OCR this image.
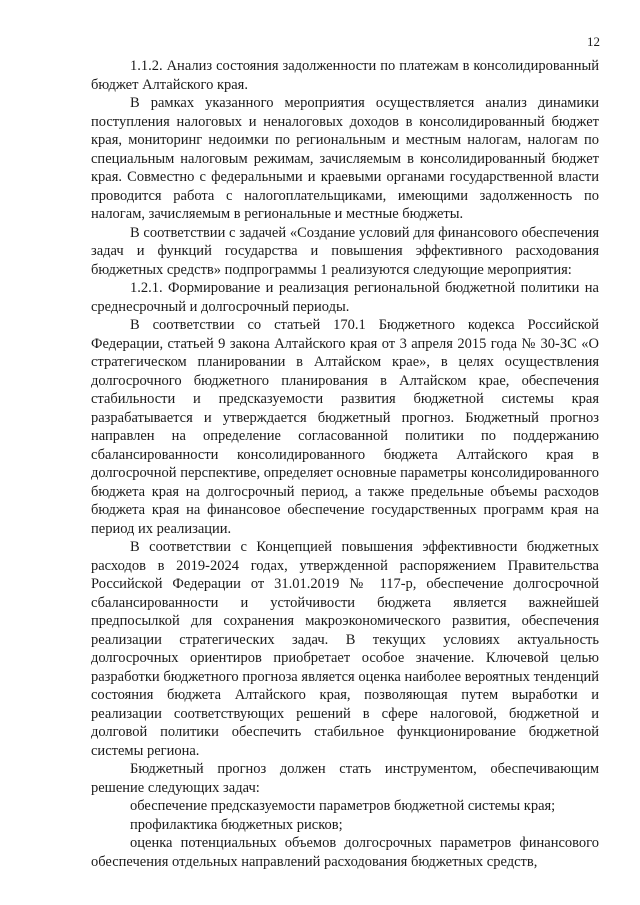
12

1.1.2. Анализ состояния задолженности по платежам в консолидированный бюджет Алтайского края.

В рамках указанного мероприятия осуществляется анализ динамики поступления налоговых и неналоговых доходов в консолидированный бюджет края, мониторинг недоимки по региональным и местным налогам, налогам по специальным налоговым режимам, зачисляемым в консолидированный бюджет края. Совместно с федеральными и краевыми органами государственной власти проводится работа с налогоплательщиками, имеющими задолженность по налогам, зачисляемым в региональные и местные бюджеты.

В соответствии с задачей «Создание условий для финансового обеспечения задач и функций государства и повышения эффективного расходования бюджетных средств» подпрограммы 1 реализуются следующие мероприятия:

1.2.1. Формирование и реализация региональной бюджетной политики на среднесрочный и долгосрочный периоды.

В соответствии со статьей 170.1 Бюджетного кодекса Российской Федерации, статьей 9 закона Алтайского края от 3 апреля 2015 года № 30-ЗС «О стратегическом планировании в Алтайском крае», в целях осуществления долгосрочного бюджетного планирования в Алтайском крае, обеспечения стабильности и предсказуемости развития бюджетной системы края разрабатывается и утверждается бюджетный прогноз. Бюджетный прогноз направлен на определение согласованной политики по поддержанию сбалансированности консолидированного бюджета Алтайского края в долгосрочной перспективе, определяет основные параметры консолидированного бюджета края на долгосрочный период, а также предельные объемы расходов бюджета края на финансовое обеспечение государственных программ края на период их реализации.

В соответствии с Концепцией повышения эффективности бюджетных расходов в 2019-2024 годах, утвержденной распоряжением Правительства Российской Федерации от 31.01.2019 № 117-р, обеспечение долгосрочной сбалансированности и устойчивости бюджета является важнейшей предпосылкой для сохранения макроэкономического развития, обеспечения реализации стратегических задач. В текущих условиях актуальность долгосрочных ориентиров приобретает особое значение. Ключевой целью разработки бюджетного прогноза является оценка наиболее вероятных тенденций состояния бюджета Алтайского края, позволяющая путем выработки и реализации соответствующих решений в сфере налоговой, бюджетной и долговой политики обеспечить стабильное функционирование бюджетной системы региона.

Бюджетный прогноз должен стать инструментом, обеспечивающим решение следующих задач:

обеспечение предсказуемости параметров бюджетной системы края;

профилактика бюджетных рисков;

оценка потенциальных объемов долгосрочных параметров финансового обеспечения отдельных направлений расходования бюджетных средств,
